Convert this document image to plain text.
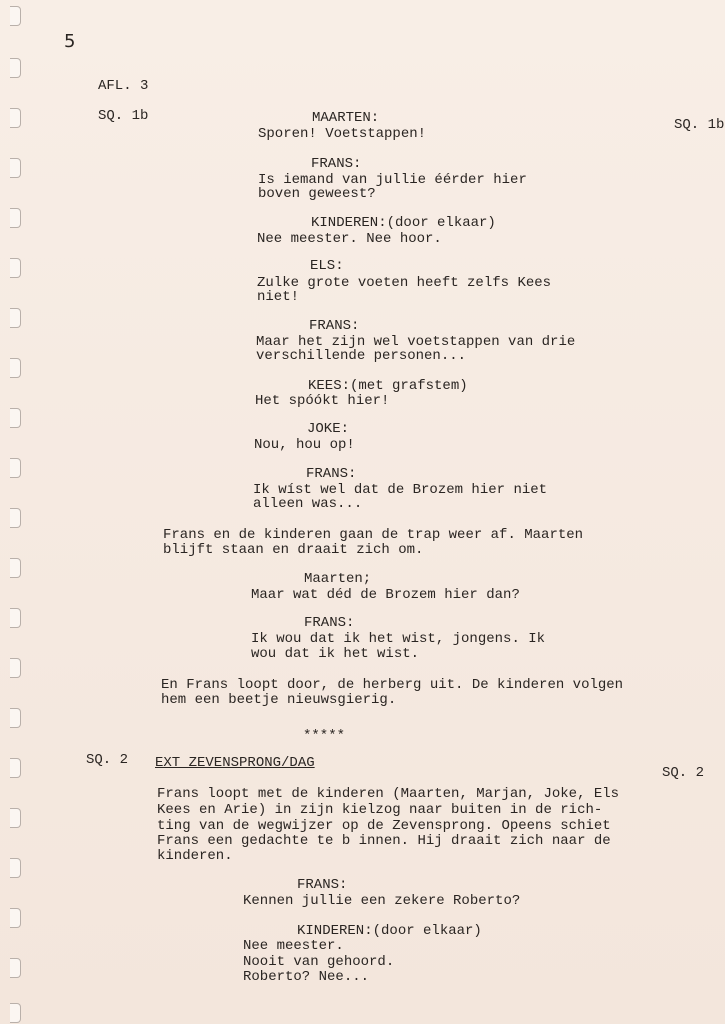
5
AFL. 3
SQ. 1b
SQ. 1b
MAARTEN:
Sporen! Voetstappen!
FRANS:
Is iemand van jullie éérder hier
boven geweest?
KINDEREN:(door elkaar)
Nee meester. Nee hoor.
ELS:
Zulke grote voeten heeft zelfs Kees
niet!
FRANS:
Maar het zijn wel voetstappen van drie
verschillende personen...
KEES:(met grafstem)
Het spóókt hier!
JOKE:
Nou, hou op!
FRANS:
Ik wíst wel dat de Brozem hier niet
alleen was...
Frans en de kinderen gaan de trap weer af. Maarten
blijft staan en draait zich om.
Maarten;
Maar wat déd de Brozem hier dan?
FRANS:
Ik wou dat ik het wist, jongens. Ik
wou dat ik het wist.
En Frans loopt door, de herberg uit. De kinderen volgen
hem een beetje nieuwsgierig.
*****
SQ. 2 EXT ZEVENSPRONG/DAG
SQ. 2
Frans loopt met de kinderen (Maarten, Marjan, Joke, Els
Kees en Arie) in zijn kielzog naar buiten in de rich-
ting van de wegwijzer op de Zevensprong. Opeens schiet
Frans een gedachte te b innen. Hij draait zich naar de
kinderen.
FRANS:
Kennen jullie een zekere Roberto?
KINDEREN:(door elkaar)
Nee meester.
Nooit van gehoord.
Roberto? Nee...
